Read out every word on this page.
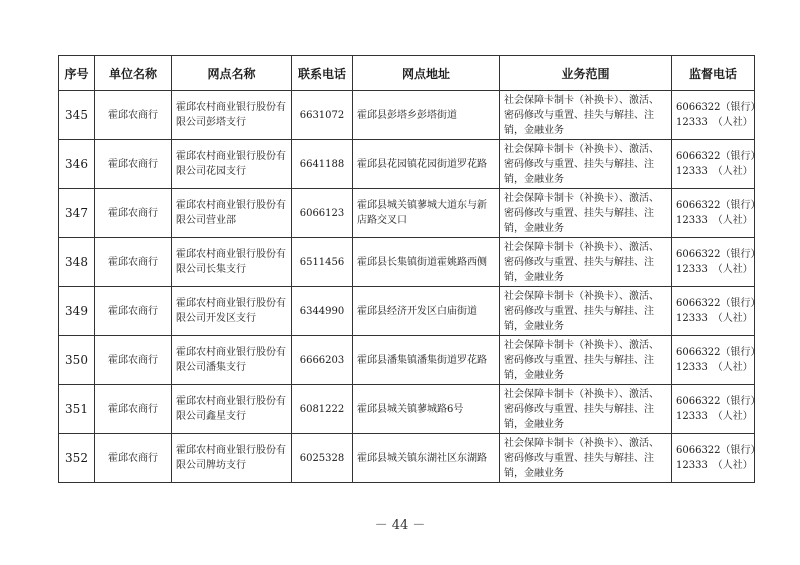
序号	单位名称	网点名称	联系电话	网点地址	业务范围	监督电话
345	霍邱农商行	霍邱农村商业银行股份有限公司彭塔支行	6631072	霍邱县彭塔乡彭塔街道	社会保障卡制卡（补换卡）、激活、密码修改与重置、挂失与解挂、注销，金融业务	6066322（银行）
12333　（人社）

346	霍邱农商行	霍邱农村商业银行股份有限公司花园支行	6641188	霍邱县花园镇花园街道罗花路	社会保障卡制卡（补换卡）、激活、密码修改与重置、挂失与解挂、注销，金融业务	6066322（银行）
12333　（人社）

347	霍邱农商行	霍邱农村商业银行股份有限公司营业部	6066123	霍邱县城关镇蓼城大道东与新店路交叉口	社会保障卡制卡（补换卡）、激活、密码修改与重置、挂失与解挂、注销，金融业务	6066322（银行）
12333　（人社）

348	霍邱农商行	霍邱农村商业银行股份有限公司长集支行	6511456	霍邱县长集镇街道霍姚路西侧	社会保障卡制卡（补换卡）、激活、密码修改与重置、挂失与解挂、注销，金融业务	6066322（银行）
12333　（人社）

349	霍邱农商行	霍邱农村商业银行股份有限公司开发区支行	6344990	霍邱县经济开发区白庙街道	社会保障卡制卡（补换卡）、激活、密码修改与重置、挂失与解挂、注销，金融业务	6066322（银行）
12333　（人社）

350	霍邱农商行	霍邱农村商业银行股份有限公司潘集支行	6666203	霍邱县潘集镇潘集街道罗花路	社会保障卡制卡（补换卡）、激活、密码修改与重置、挂失与解挂、注销，金融业务	6066322（银行）
12333　（人社）

351	霍邱农商行	霍邱农村商业银行股份有限公司鑫星支行	6081222	霍邱县城关镇蓼城路6号	社会保障卡制卡（补换卡）、激活、密码修改与重置、挂失与解挂、注销，金融业务	6066322（银行）
12333　（人社）

352	霍邱农商行	霍邱农村商业银行股份有限公司牌坊支行	6025328	霍邱县城关镇东湖社区东湖路	社会保障卡制卡（补换卡）、激活、密码修改与重置、挂失与解挂、注销，金融业务	6066322（银行）
12333　（人社）
－ 44 －
